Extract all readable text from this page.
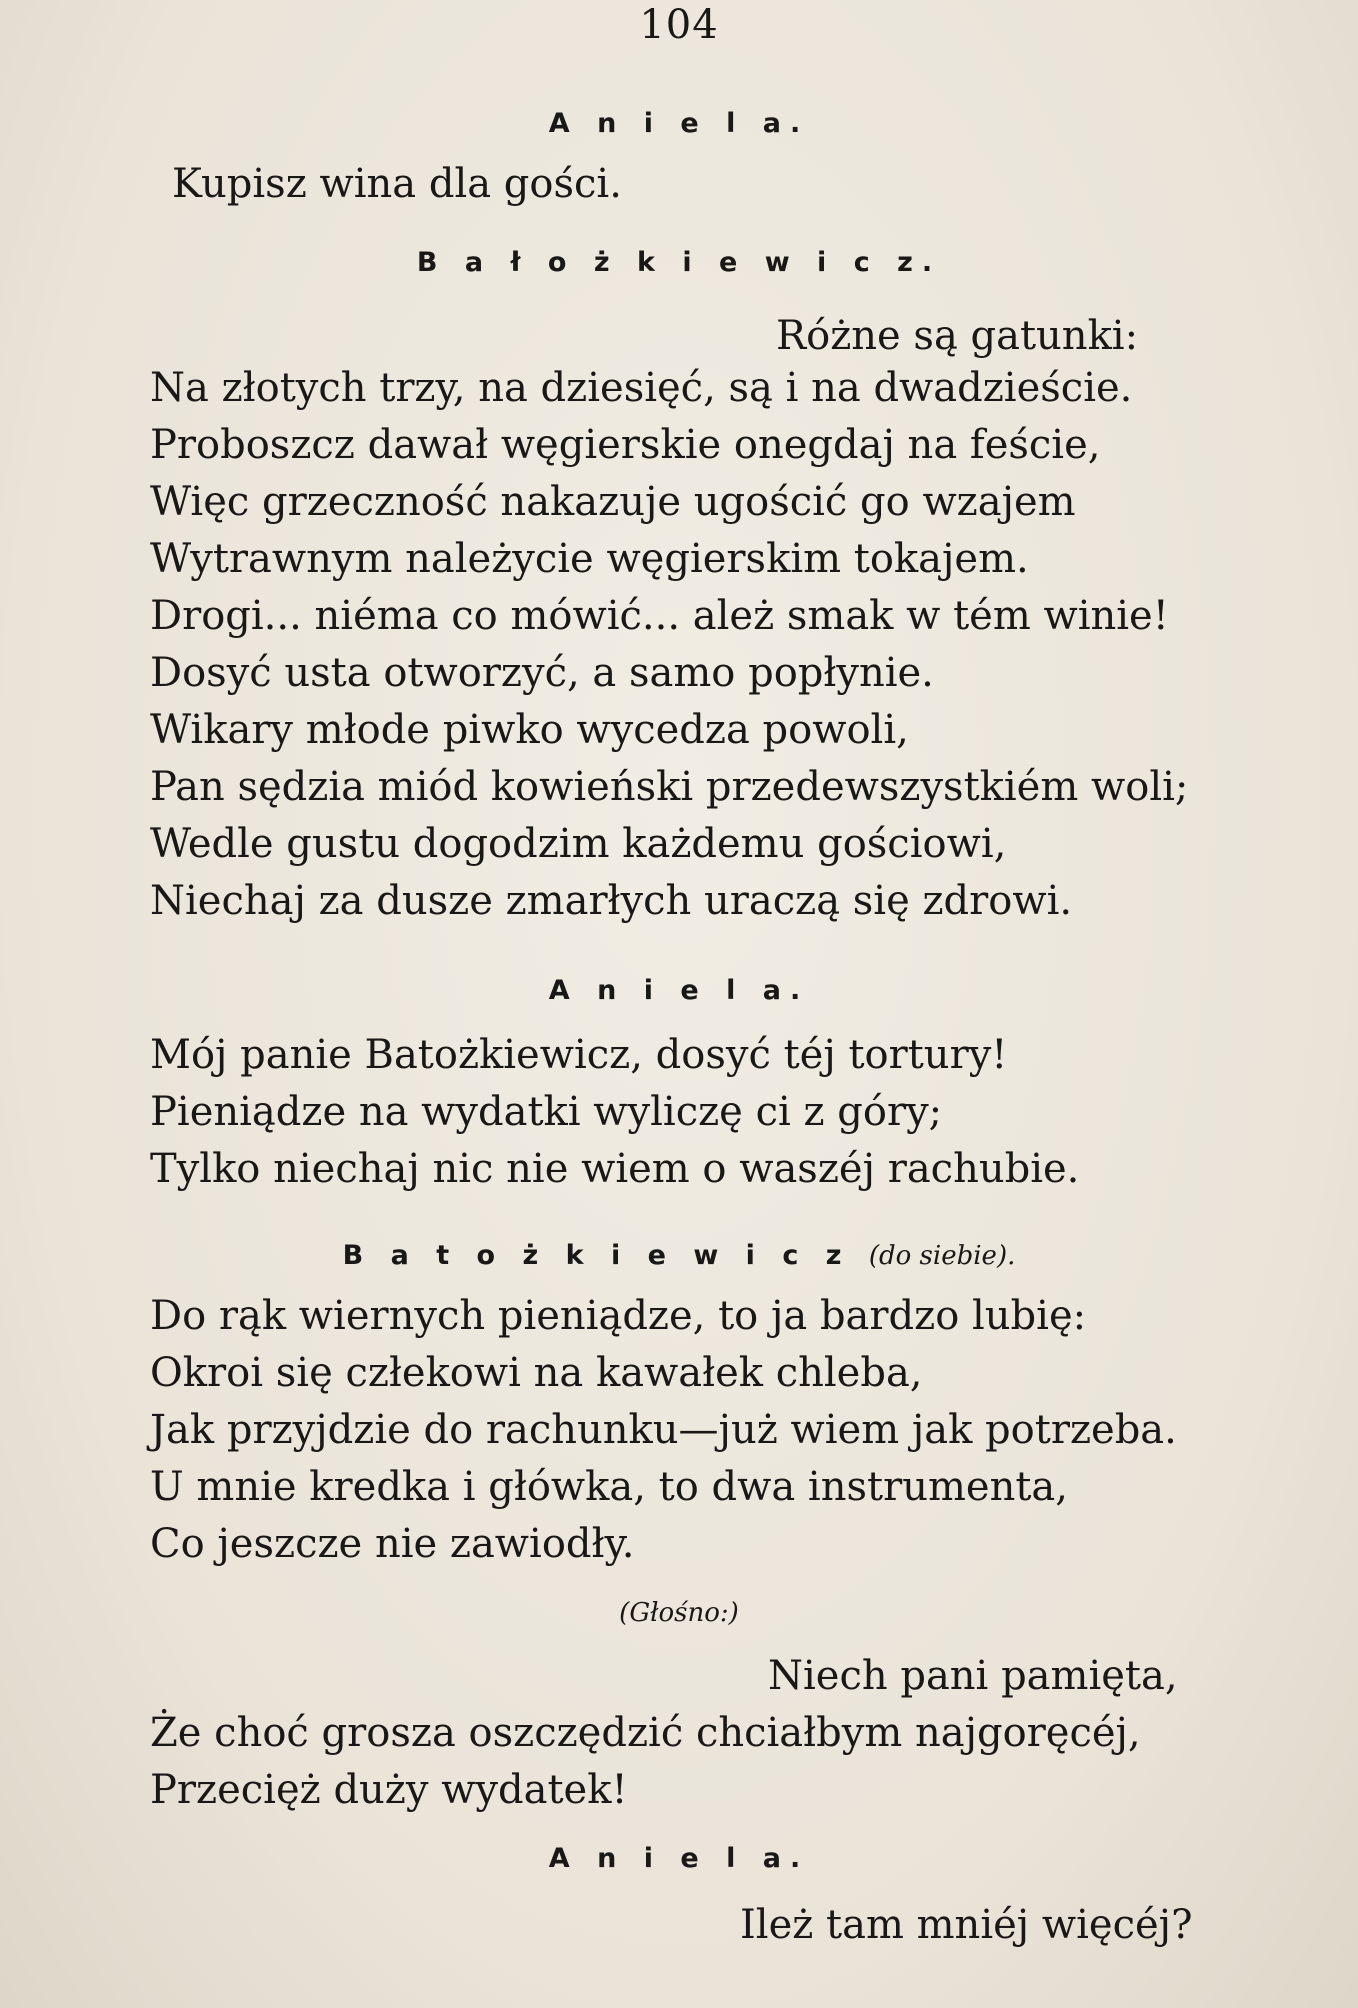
104
A n i e l a.
Kupisz wina dla gości.
B a ł o ż k i e w i c z.
Różne są gatunki:
Na złotych trzy, na dziesięć, są i na dwadzieście.
Proboszcz dawał węgierskie onegdaj na feście,
Więc grzeczność nakazuje ugościć go wzajem
Wytrawnym należycie węgierskim tokajem.
Drogi... niéma co mówić... ależ smak w tém winie!
Dosyć usta otworzyć, a samo popłynie.
Wikary młode piwko wycedza powoli,
Pan sędzia miód kowieński przedewszystkiém woli;
Wedle gustu dogodzim każdemu gościowi,
Niechaj za dusze zmarłych uraczą się zdrowi.
A n i e l a.
Mój panie Batożkiewicz, dosyć téj tortury!
Pieniądze na wydatki wyliczę ci z góry;
Tylko niechaj nic nie wiem o waszéj rachubie.
B a t o ż k i e w i c z (do siebie).
Do rąk wiernych pieniądze, to ja bardzo lubię:
Okroi się człekowi na kawałek chleba,
Jak przyjdzie do rachunku—już wiem jak potrzeba.
U mnie kredka i główka, to dwa instrumenta,
Co jeszcze nie zawiodły.
(Głośno:)
Niech pani pamięta,
Że choć grosza oszczędzić chciałbym najgoręcéj,
Przecięż duży wydatek!
A n i e l a.
Ileż tam mniéj więcéj?
